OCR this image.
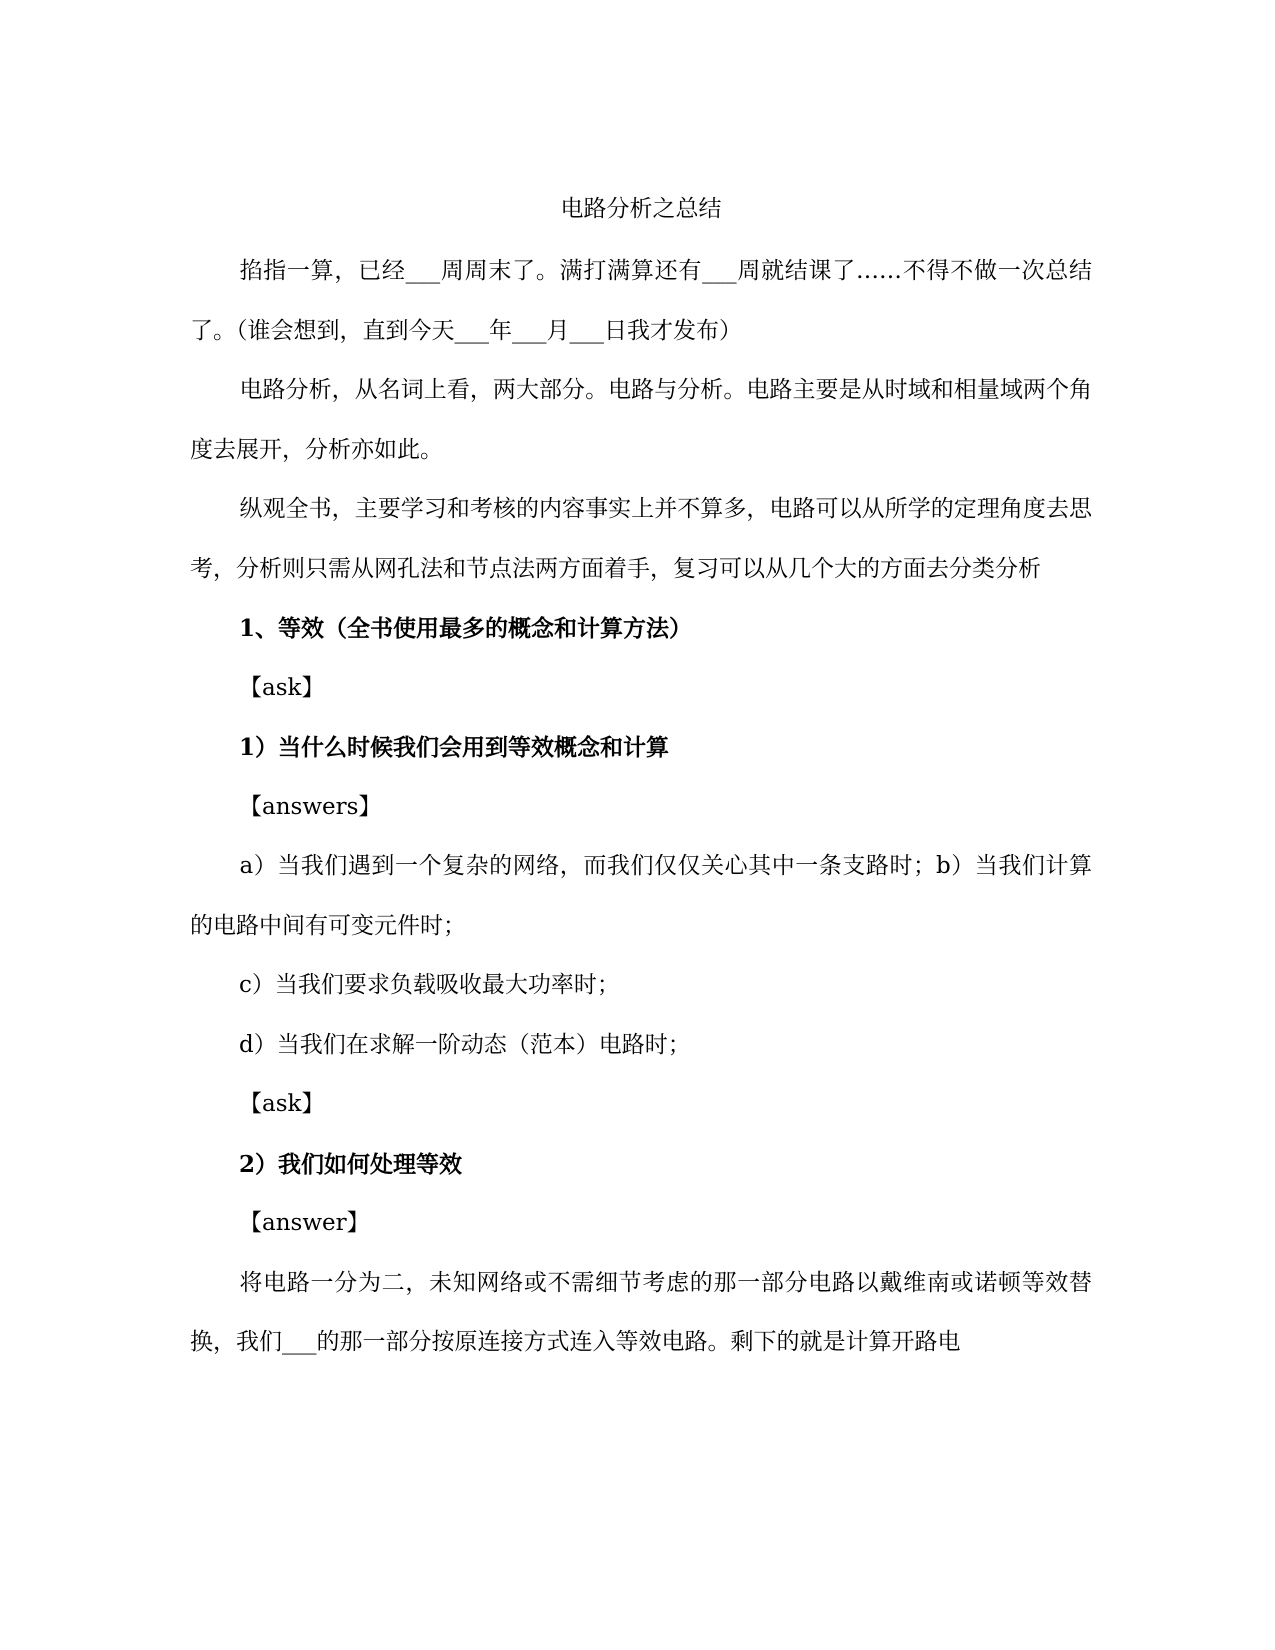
电路分析之总结

掐指一算，已经___周周末了。满打满算还有___周就结课了……不得不做一次总结了。（谁会想到，直到今天___年___月___日我才发布）

电路分析，从名词上看，两大部分。电路与分析。电路主要是从时域和相量域两个角度去展开，分析亦如此。

纵观全书，主要学习和考核的内容事实上并不算多，电路可以从所学的定理角度去思考，分析则只需从网孔法和节点法两方面着手，复习可以从几个大的方面去分类分析

1、等效（全书使用最多的概念和计算方法）

【ask】

1）当什么时候我们会用到等效概念和计算

【answers】

a）当我们遇到一个复杂的网络，而我们仅仅关心其中一条支路时；b）当我们计算的电路中间有可变元件时；

c）当我们要求负载吸收最大功率时；

d）当我们在求解一阶动态（范本）电路时；

【ask】

2）我们如何处理等效

【answer】

将电路一分为二，未知网络或不需细节考虑的那一部分电路以戴维南或诺顿等效替换，我们___的那一部分按原连接方式连入等效电路。剩下的就是计算开路电
